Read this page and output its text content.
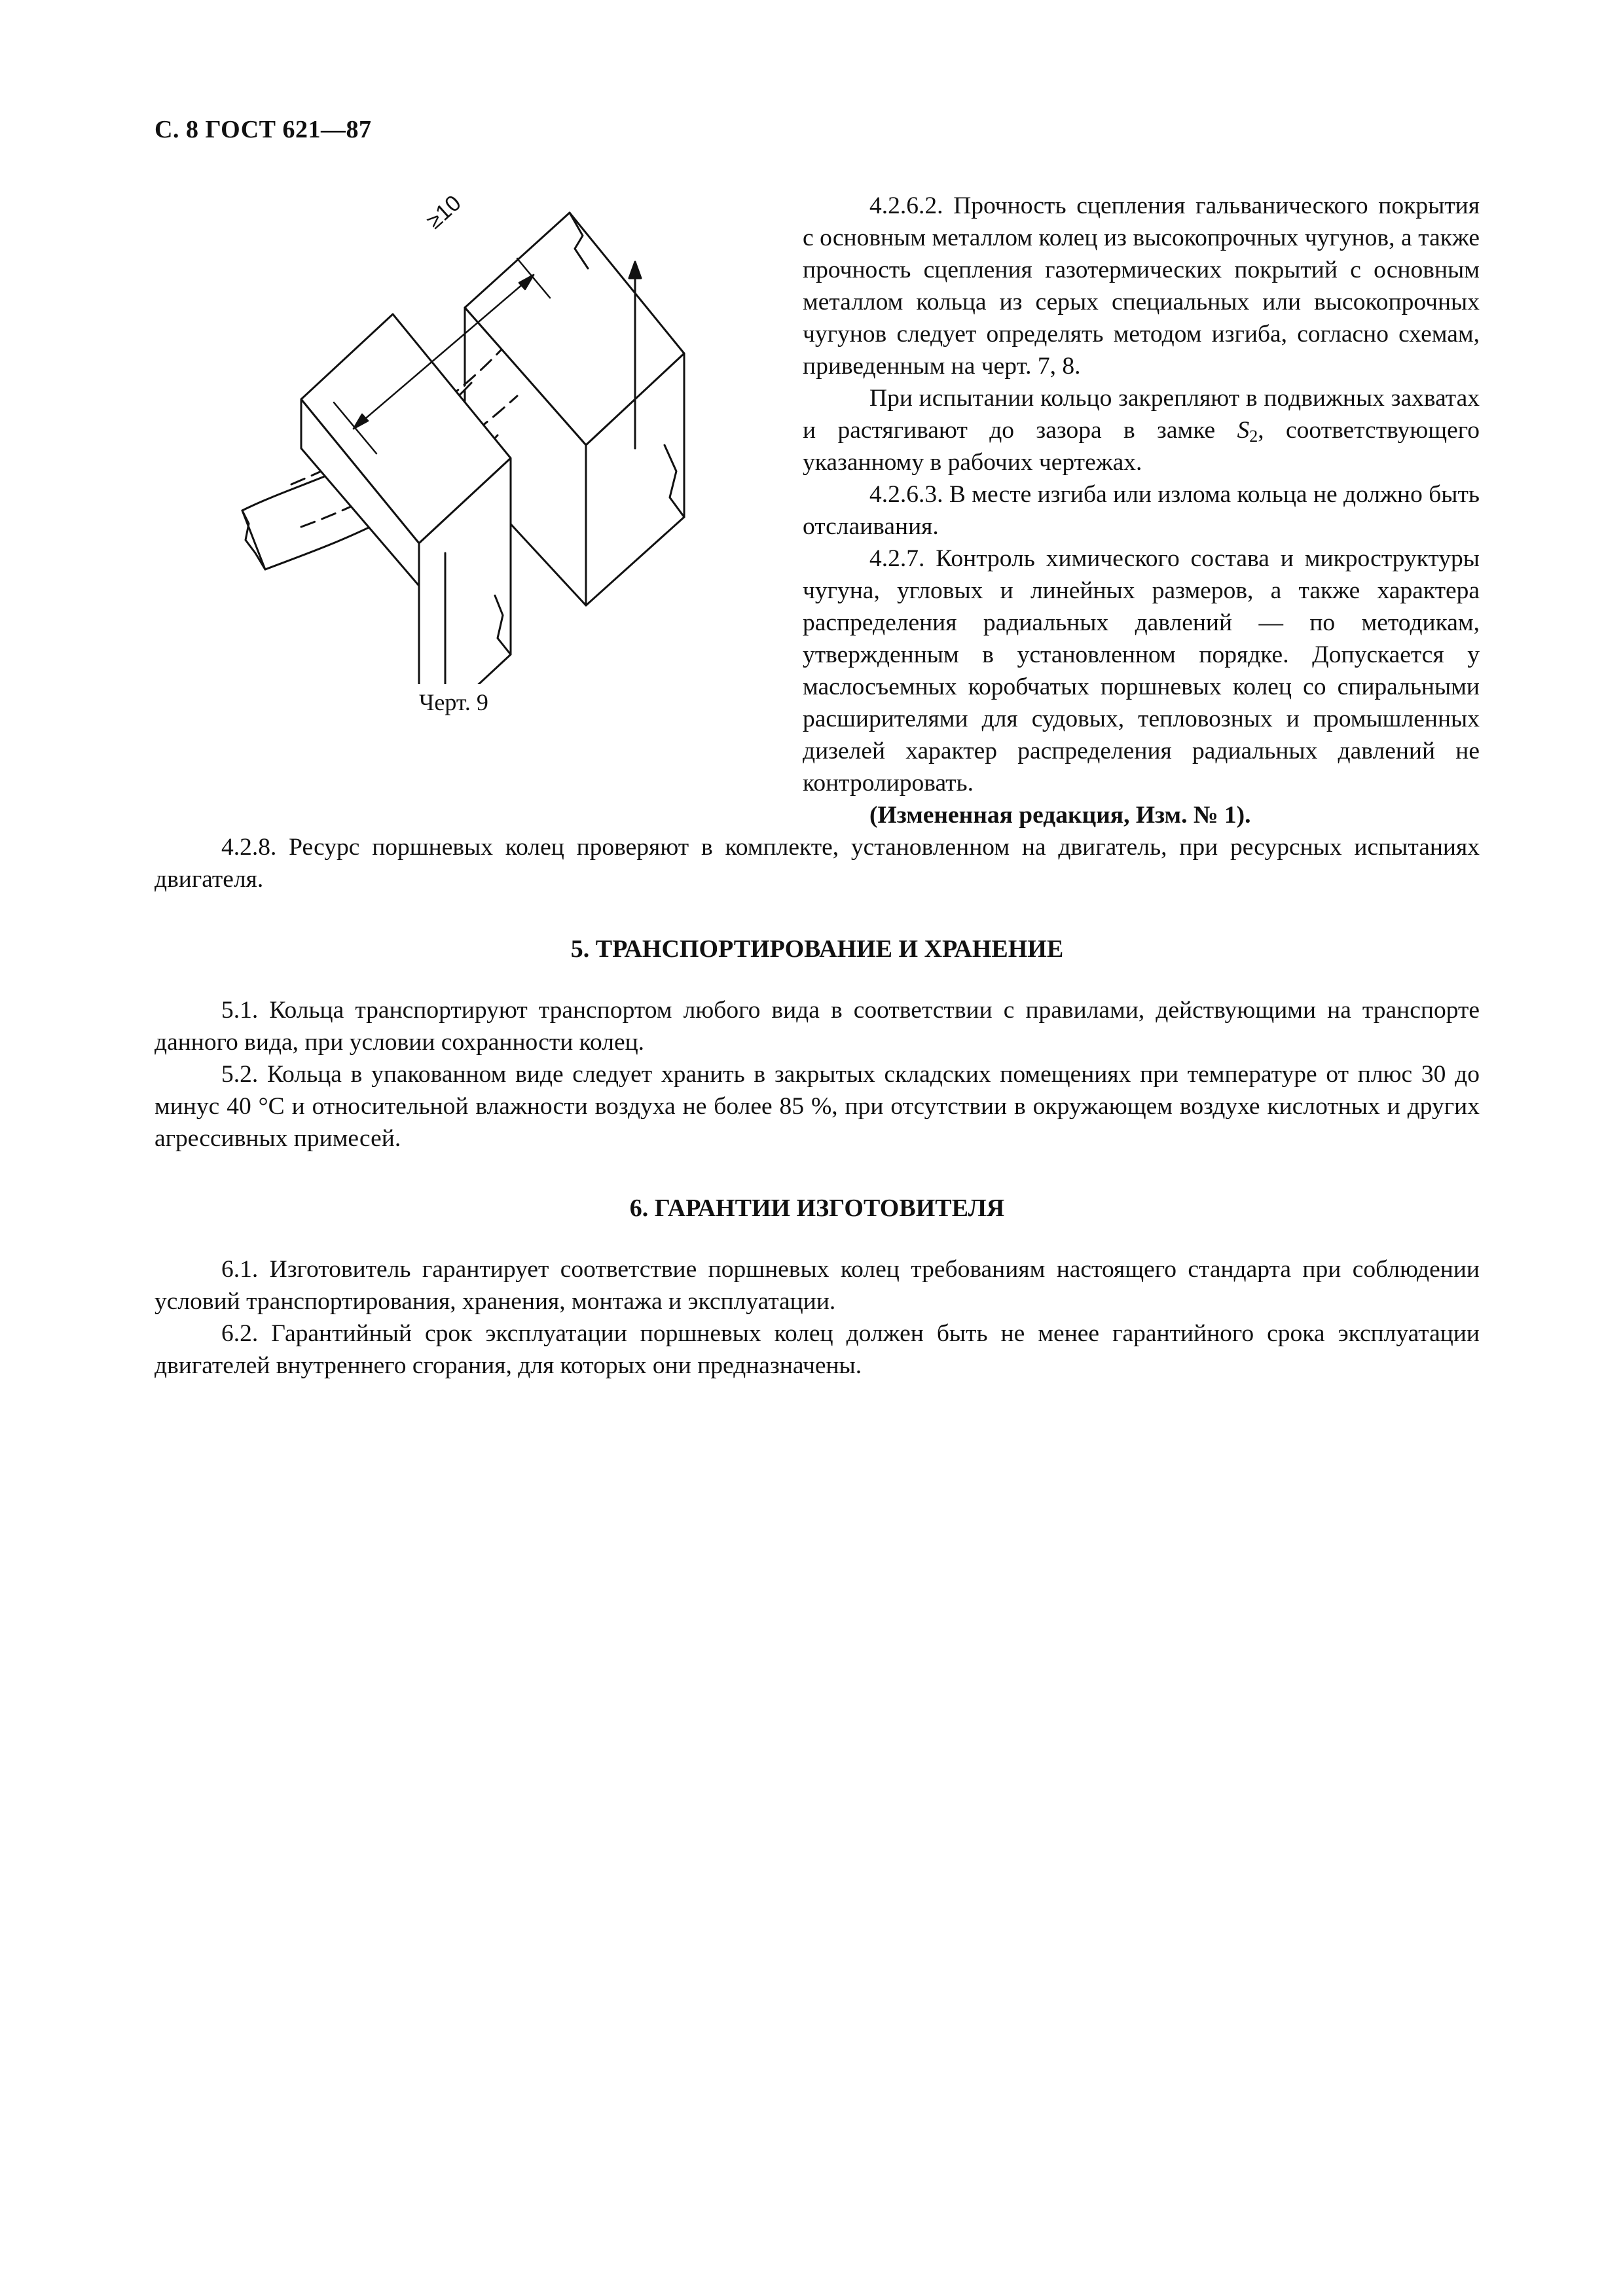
С. 8 ГОСТ 621—87
≥10
Черт. 9

4.2.6.2. Прочность сцепления гальванического покрытия с основным металлом колец из высокопрочных чугунов, а также прочность сцепления газотермических покрытий с основным металлом кольца из серых специальных или высокопрочных чугунов следует определять методом изгиба, согласно схемам, приведенным на черт. 7, 8.

При испытании кольцо закрепляют в подвижных захватах и растягивают до зазора в замке $S_2$, соответствующего указанному в рабочих чертежах.

4.2.6.3. В месте изгиба или излома кольца не должно быть отслаивания.

4.2.7. Контроль химического состава и микроструктуры чугуна, угловых и линейных размеров, а также характера распределения радиальных давлений — по методикам, утвержденным в установленном порядке. Допускается у маслосъемных коробчатых поршневых колец со спиральными расширителями для судовых, тепловозных и промышленных дизелей характер распределения радиальных давлений не контролировать.

(Измененная редакция, Изм. № 1).

4.2.8. Ресурс поршневых колец проверяют в комплекте, установленном на двигатель, при ресурсных испытаниях двигателя.

5. ТРАНСПОРТИРОВАНИЕ И ХРАНЕНИЕ

5.1. Кольца транспортируют транспортом любого вида в соответствии с правилами, действующими на транспорте данного вида, при условии сохранности колец.

5.2. Кольца в упакованном виде следует хранить в закрытых складских помещениях при температуре от плюс 30 до минус 40 °С и относительной влажности воздуха не более 85 %, при отсутствии в окружающем воздухе кислотных и других агрессивных примесей.

6. ГАРАНТИИ ИЗГОТОВИТЕЛЯ

6.1. Изготовитель гарантирует соответствие поршневых колец требованиям настоящего стандарта при соблюдении условий транспортирования, хранения, монтажа и эксплуатации.

6.2. Гарантийный срок эксплуатации поршневых колец должен быть не менее гарантийного срока эксплуатации двигателей внутреннего сгорания, для которых они предназначены.
